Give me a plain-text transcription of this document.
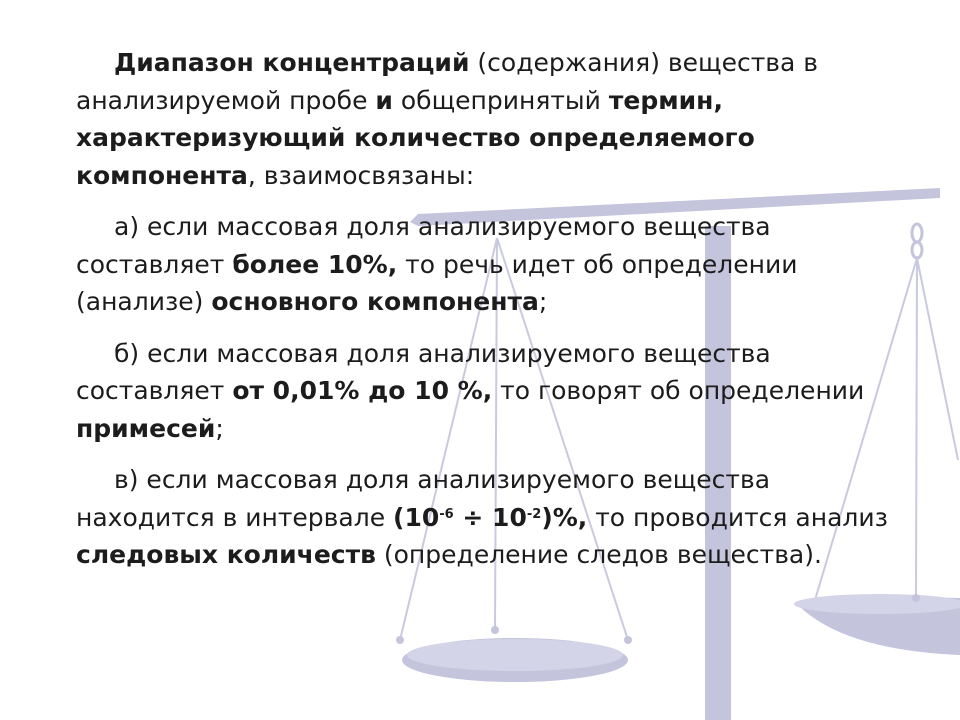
Диапазон концентраций (содержания) вещества в анализируемой пробе и общепринятый термин, характеризующий количество определяемого компонента, взаимосвязаны:

а) если массовая доля анализируемого вещества составляет более 10%, то речь идет об определении (анализе) основного компонента;

б) если массовая доля анализируемого вещества составляет от 0,01% до 10 %, то говорят об определении примесей;

в) если массовая доля анализируемого вещества находится в интервале $(10^{-6} \div 10^{-2})\%$, то проводится анализ следовых количеств (определение следов вещества).
